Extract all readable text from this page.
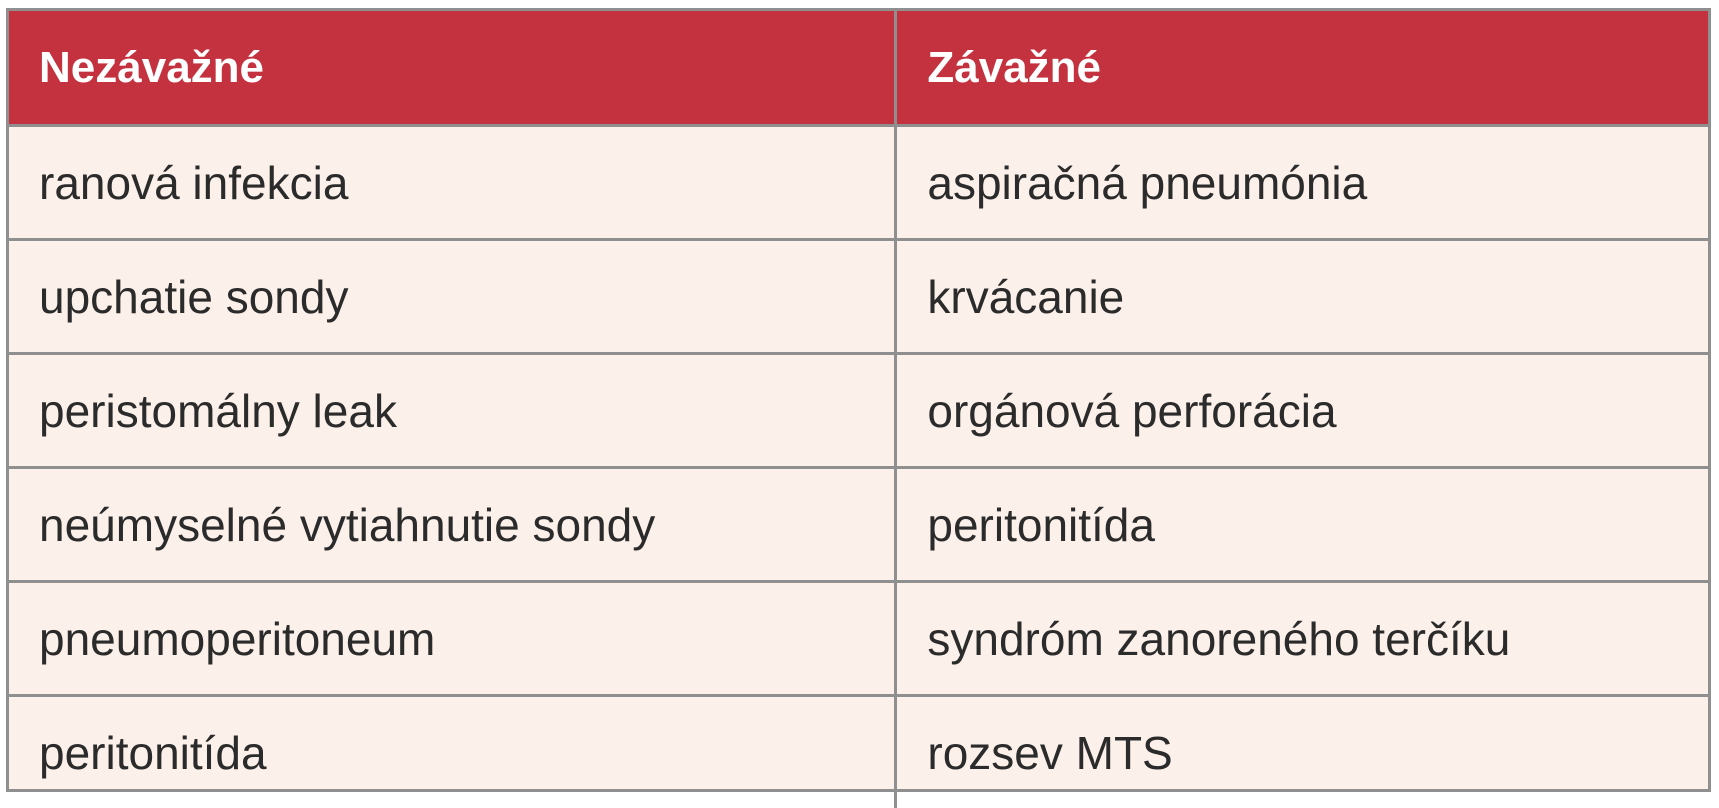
Nezávažné	Závažné
ranová infekcia	aspiračná pneumónia
upchatie sondy	krvácanie
peristomálny leak	orgánová perforácia
neúmyselné vytiahnutie sondy	peritonitída
pneumoperitoneum	syndróm zanoreného terčíku
peritonitída	rozsev MTS
